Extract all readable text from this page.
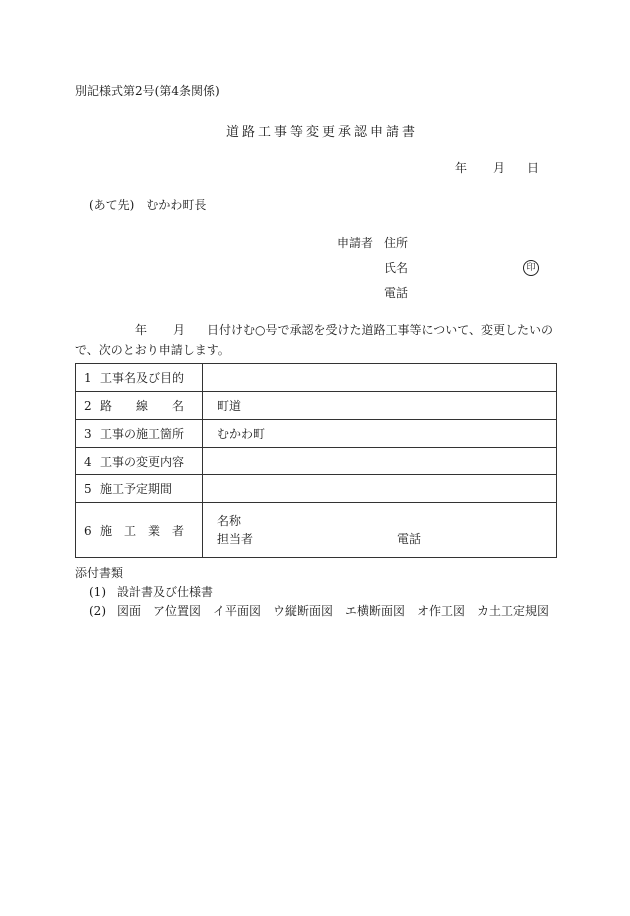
別記様式第2号(第4条関係)
道路工事等変更承認申請書
年 月 日
(あて先)　むかわ町長
申請者 住所
氏名	印
電話
年 月 日付けむ○号で承認を受けた道路工事等について、変更したいの
で、次のとおり申請します。
1 工事名及び目的	
2 路　　線　　名	町道
3 工事の施工箇所	むかわ町
4 工事の変更内容	
5 施工予定期間	
6 施　工　業　者	名称
担当者 電話
添付書類
(1) 設計書及び仕様書
(2) 図面　ア位置図　イ平面図　ウ縦断面図　エ横断面図　オ作工図　カ土工定規図
